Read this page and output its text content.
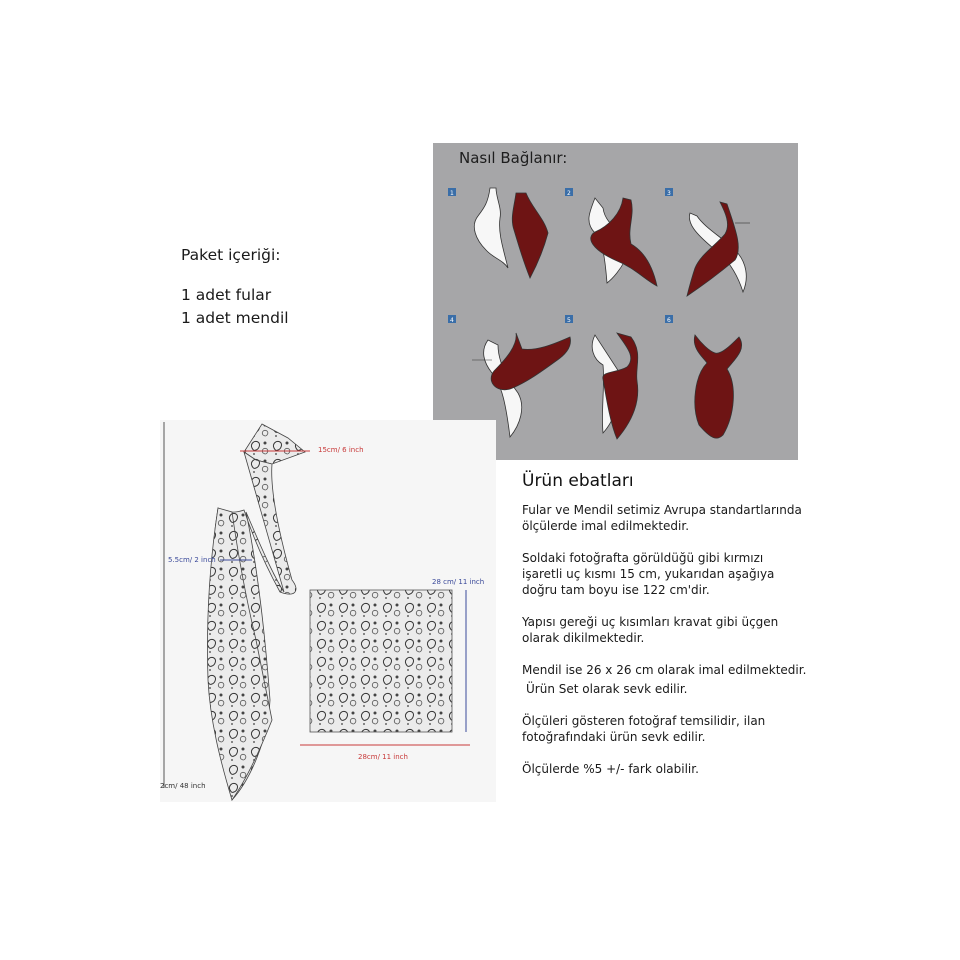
Paket içeriği:
1 adet fular
1 adet mendil
Nasıl Bağlanır:
1	2	3
4	5	6
Ürün ebatları

Fular ve Mendil setimiz Avrupa standartlarında
ölçülerde imal edilmektedir.

Soldaki fotoğrafta görüldüğü gibi kırmızı
işaretli uç kısmı 15 cm, yukarıdan aşağıya
doğru tam boyu ise 122 cm'dir.

Yapısı gereği uç kısımları kravat gibi üçgen
olarak dikilmektedir.

Mendil ise 26 x 26 cm olarak imal edilmektedir.
Ürün Set olarak sevk edilir.

Ölçüleri gösteren fotoğraf temsilidir, ilan
fotoğrafındaki ürün sevk edilir.

Ölçülerde %5 +/- fark olabilir.

15cm/ 6 inch
5.5cm/ 2 inch
2cm/ 48 inch
28 cm/ 11 inch
28cm/ 11 inch
